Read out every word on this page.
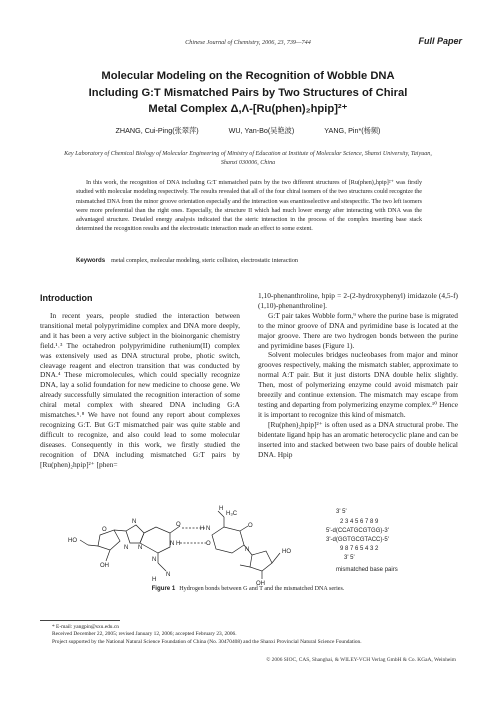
Chinese Journal of Chemistry, 2006, 23, 739—744	Full Paper
Molecular Modeling on the Recognition of Wobble DNA
Including G:T Mismatched Pairs by Two Structures of Chiral
Metal Complex Δ,Λ-[Ru(phen)₂hpip]²⁺
ZHANG, Cui-Ping(张翠萍)	WU, Yan-Bo(吴艳波)	YANG, Pin*(杨频)
Key Laboratory of Chemical Biology of Molecular Engineering of Ministry of Education at Institute of Molecular Science, Shanxi University, Taiyuan, Shanxi 030006, China
In this work, the recognition of DNA including G:T mismatched pairs by the two different structures of [Ru(phen)₂hpip]²⁺ was firstly studied with molecular modeling respectively. The results revealed that all of the four chiral isomers of the two structures could recognize the mismatched DNA from the minor groove orientation especially and the interaction was enantioselective and sitespecific. The two left isomers were more preferential than the right ones. Especially, the structure II which had much lower energy after interacting with DNA was the advantaged structure. Detailed energy analysis indicated that the steric interaction in the process of the complex inserting base stack determined the recognition results and the electrostatic interaction made an effect to some extent.
Keywords metal complex, molecular modeling, steric collision, electrostatic interaction
Introduction

In recent years, people studied the interaction between transitional metal polypyrimidine complex and DNA more deeply, and it has been a very active subject in the bioinorganic chemistry field.¹˒³ The octahedron polypyrimidine ruthenium(II) complex was extensively used as DNA structural probe, photic switch, cleavage reagent and electron transition that was conducted by DNA.⁴ These micromolecules, which could specially recognize DNA, lay a solid foundation for new medicine to choose gene. We already successfully simulated the recognition interaction of some chiral metal complex with sheared DNA including G:A mismatches.⁵˒⁸ We have not found any report about complexes recognizing G:T. But G:T mismatched pair was quite stable and difficult to recognize, and also could lead to some molecular diseases. Consequently in this work, we firstly studied the recognition of DNA including mismatched G:T pairs by [Ru(phen)₂hpip]²⁺ [phen=

1,10-phenanthroline, hpip = 2-(2-hydroxyphenyl) imidazole (4,5-f)(1,10)-phenanthroline].

G:T pair takes Wobble form,⁹ where the purine base is migrated to the minor groove of DNA and pyrimidine base is located at the major groove. There are two hydrogen bonds between the purine and pyrimidine bases (Figure 1).

Solvent molecules bridges nucleobases from major and minor grooves respectively, making the mismatch stabler, approximate to normal A:T pair. But it just distorts DNA double helix slightly. Then, most of polymerizing enzyme could avoid mismatch pair breezily and continue extension. The mismatch may escape from testing and departing from polymerizing enzyme complex.¹⁰ Hence it is important to recognize this kind of mismatch.

[Ru(phen)₂hpip]²⁺ is often used as a DNA structural probe. The bidentate ligand hpip has an aromatic heterocyclic plane and can be inserted into and stacked between two base pairs of double helical DNA. Hpip

H
H₃C
O
H N	O
O
N
N H	O
N
N N
N
N
H
HO
HO
OH
OH
3' 5'
2 3 4 5 6 7 8 9
5'-d(CCATGCGTGG)-3'
3'-d(GGTGCGTACC)-5'
9 8 7 6 5 4 3 2
3' 5'
mismatched base pairs
Figure 1 Hydrogen bonds between G and T and the mismatched DNA series.
* E-mail: yangpin@sxu.edu.cn
Received December 22, 2005; revised January 12, 2006; accepted February 23, 2006.
Project supported by the National Natural Science Foundation of China (No. 30470408) and the Shanxi Provincial Natural Science Foundation.
© 2006 SIOC, CAS, Shanghai, & WILEY-VCH Verlag GmbH & Co. KGaA, Weinheim
